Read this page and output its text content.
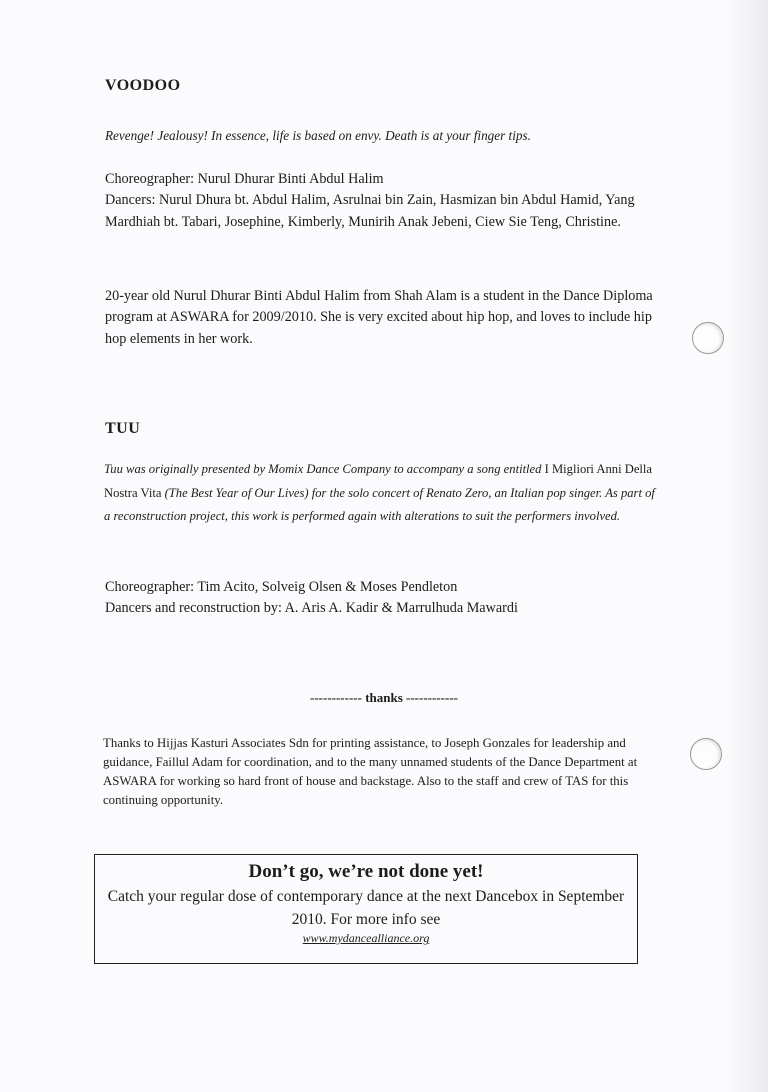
VOODOO

Revenge! Jealousy! In essence, life is based on envy. Death is at your finger tips.

Choreographer: Nurul Dhurar Binti Abdul Halim

Dancers: Nurul Dhura bt. Abdul Halim, Asrulnai bin Zain, Hasmizan bin Abdul Hamid, Yang Mardhiah bt. Tabari, Josephine, Kimberly, Munirih Anak Jebeni, Ciew Sie Teng, Christine.

20-year old Nurul Dhurar Binti Abdul Halim from Shah Alam is a student in the Dance Diploma program at ASWARA for 2009/2010. She is very excited about hip hop, and loves to include hip hop elements in her work.

TUU

Tuu was originally presented by Momix Dance Company to accompany a song entitled I Migliori Anni Della Nostra Vita (The Best Year of Our Lives) for the solo concert of Renato Zero, an Italian pop singer. As part of a reconstruction project, this work is performed again with alterations to suit the performers involved.

Choreographer: Tim Acito, Solveig Olsen & Moses Pendleton

Dancers and reconstruction by: A. Aris A. Kadir & Marrulhuda Mawardi

------------ thanks ------------

Thanks to Hijjas Kasturi Associates Sdn for printing assistance, to Joseph Gonzales for leadership and guidance, Faillul Adam for coordination, and to the many unnamed students of the Dance Department at ASWARA for working so hard front of house and backstage. Also to the staff and crew of TAS for this continuing opportunity.

Don’t go, we’re not done yet!

Catch your regular dose of contemporary dance at the next Dancebox in September 2010. For more info see

www.mydancealliance.org
